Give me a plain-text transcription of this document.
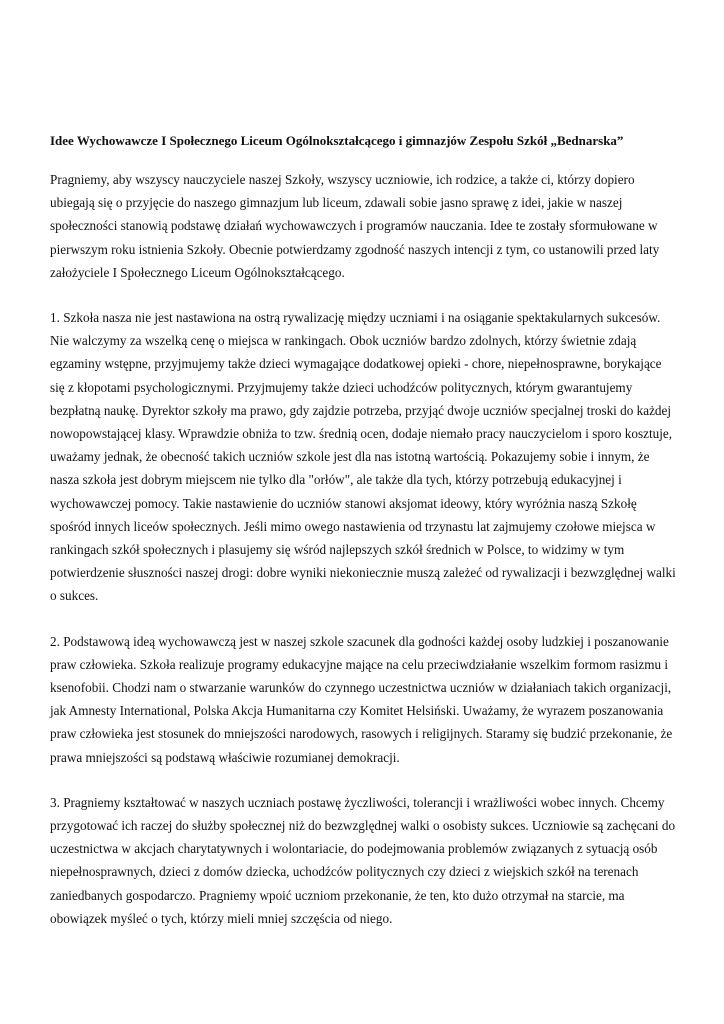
Idee Wychowawcze I Społecznego Liceum Ogólnokształcącego i gimnazjów Zespołu Szkół „Bednarska”

Pragniemy, aby wszyscy nauczyciele naszej Szkoły, wszyscy uczniowie, ich rodzice, a także ci, którzy dopiero ubiegają się o przyjęcie do naszego gimnazjum lub liceum, zdawali sobie jasno sprawę z idei, jakie w naszej społeczności stanowią podstawę działań wychowawczych i programów nauczania. Idee te zostały sformułowane w pierwszym roku istnienia Szkoły. Obecnie potwierdzamy zgodność naszych intencji z tym, co ustanowili przed laty założyciele I Społecznego Liceum Ogólnokształcącego.

1. Szkoła nasza nie jest nastawiona na ostrą rywalizację między uczniami i na osiąganie spektakularnych sukcesów. Nie walczymy za wszelką cenę o miejsca w rankingach. Obok uczniów bardzo zdolnych, którzy świetnie zdają egzaminy wstępne, przyjmujemy także dzieci wymagające dodatkowej opieki - chore, niepełnosprawne, borykające się z kłopotami psychologicznymi. Przyjmujemy także dzieci uchodźców politycznych, którym gwarantujemy bezpłatną naukę. Dyrektor szkoły ma prawo, gdy zajdzie potrzeba, przyjąć dwoje uczniów specjalnej troski do każdej nowopowstającej klasy. Wprawdzie obniża to tzw. średnią ocen, dodaje niemało pracy nauczycielom i sporo kosztuje, uważamy jednak, że obecność takich uczniów szkole jest dla nas istotną wartością. Pokazujemy sobie i innym, że nasza szkoła jest dobrym miejscem nie tylko dla "orłów", ale także dla tych, którzy potrzebują edukacyjnej i wychowawczej pomocy. Takie nastawienie do uczniów stanowi aksjomat ideowy, który wyróżnia naszą Szkołę spośród innych liceów społecznych. Jeśli mimo owego nastawienia od trzynastu lat zajmujemy czołowe miejsca w rankingach szkół społecznych i plasujemy się wśród najlepszych szkół średnich w Polsce, to widzimy w tym potwierdzenie słuszności naszej drogi: dobre wyniki niekoniecznie muszą zależeć od rywalizacji i bezwzględnej walki o sukces.

2. Podstawową ideą wychowawczą jest w naszej szkole szacunek dla godności każdej osoby ludzkiej i poszanowanie praw człowieka. Szkoła realizuje programy edukacyjne mające na celu przeciwdziałanie wszelkim formom rasizmu i ksenofobii. Chodzi nam o stwarzanie warunków do czynnego uczestnictwa uczniów w działaniach takich organizacji, jak Amnesty International, Polska Akcja Humanitarna czy Komitet Helsiński. Uważamy, że wyrazem poszanowania praw człowieka jest stosunek do mniejszości narodowych, rasowych i religijnych. Staramy się budzić przekonanie, że prawa mniejszości są podstawą właściwie rozumianej demokracji.

3. Pragniemy kształtować w naszych uczniach postawę życzliwości, tolerancji i wrażliwości wobec innych. Chcemy przygotować ich raczej do służby społecznej niż do bezwzględnej walki o osobisty sukces. Uczniowie są zachęcani do uczestnictwa w akcjach charytatywnych i wolontariacie, do podejmowania problemów związanych z sytuacją osób niepełnosprawnych, dzieci z domów dziecka, uchodźców politycznych czy dzieci z wiejskich szkół na terenach zaniedbanych gospodarczo. Pragniemy wpoić uczniom przekonanie, że ten, kto dużo otrzymał na starcie, ma obowiązek myśleć o tych, którzy mieli mniej szczęścia od niego.
